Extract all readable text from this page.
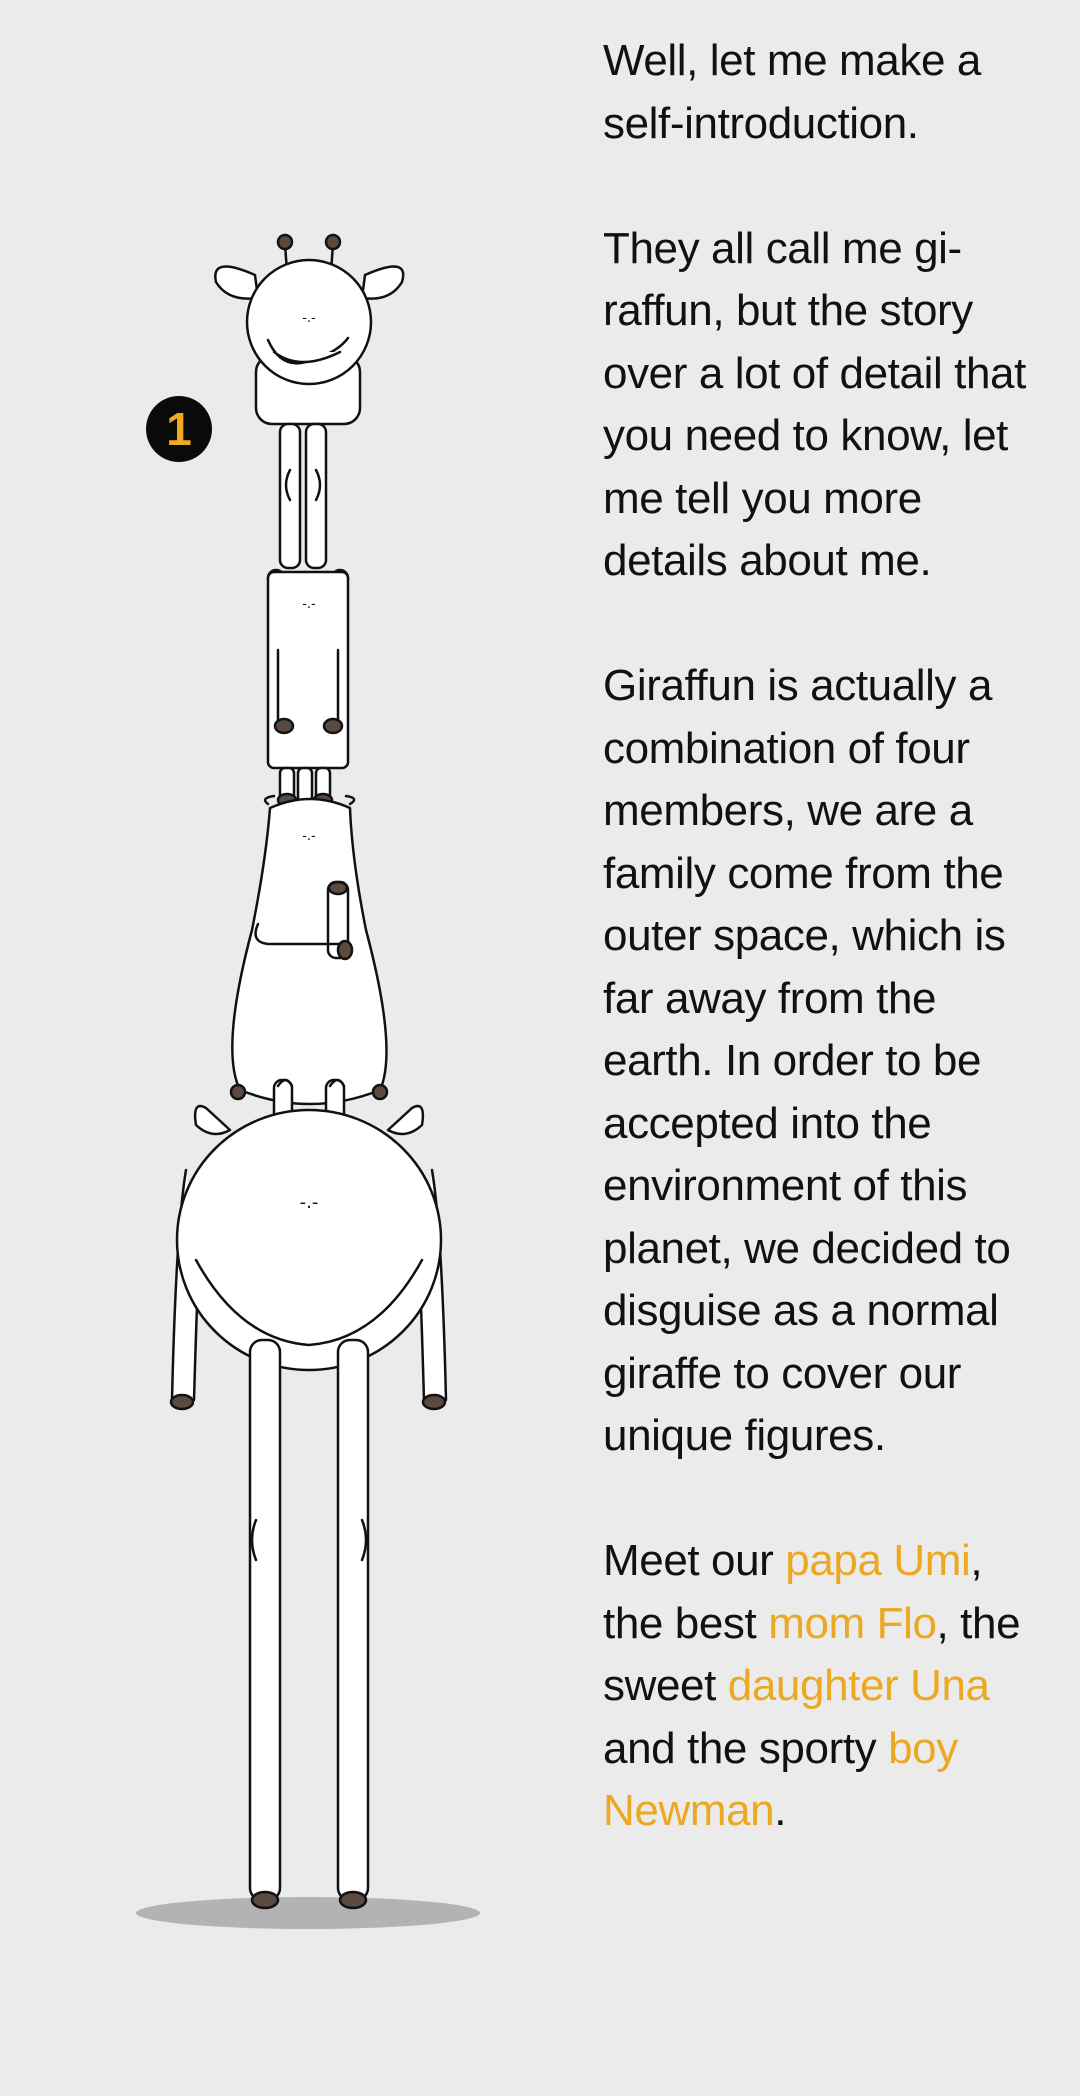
-.-
-.-
-.-
-.-
1

Well, let me make a self-introduction.

They all call me gi-raffun, but the story over a lot of detail that you need to know, let me tell you more details about me.

Giraffun is actually a combination of four members, we are a family come from the outer space, which is far away from the earth. In order to be accepted into the environment of this planet, we decided to disguise as a normal giraffe to cover our unique figures.

Meet our papa Umi, the best mom Flo, the sweet daughter Una and the sporty boy Newman.
